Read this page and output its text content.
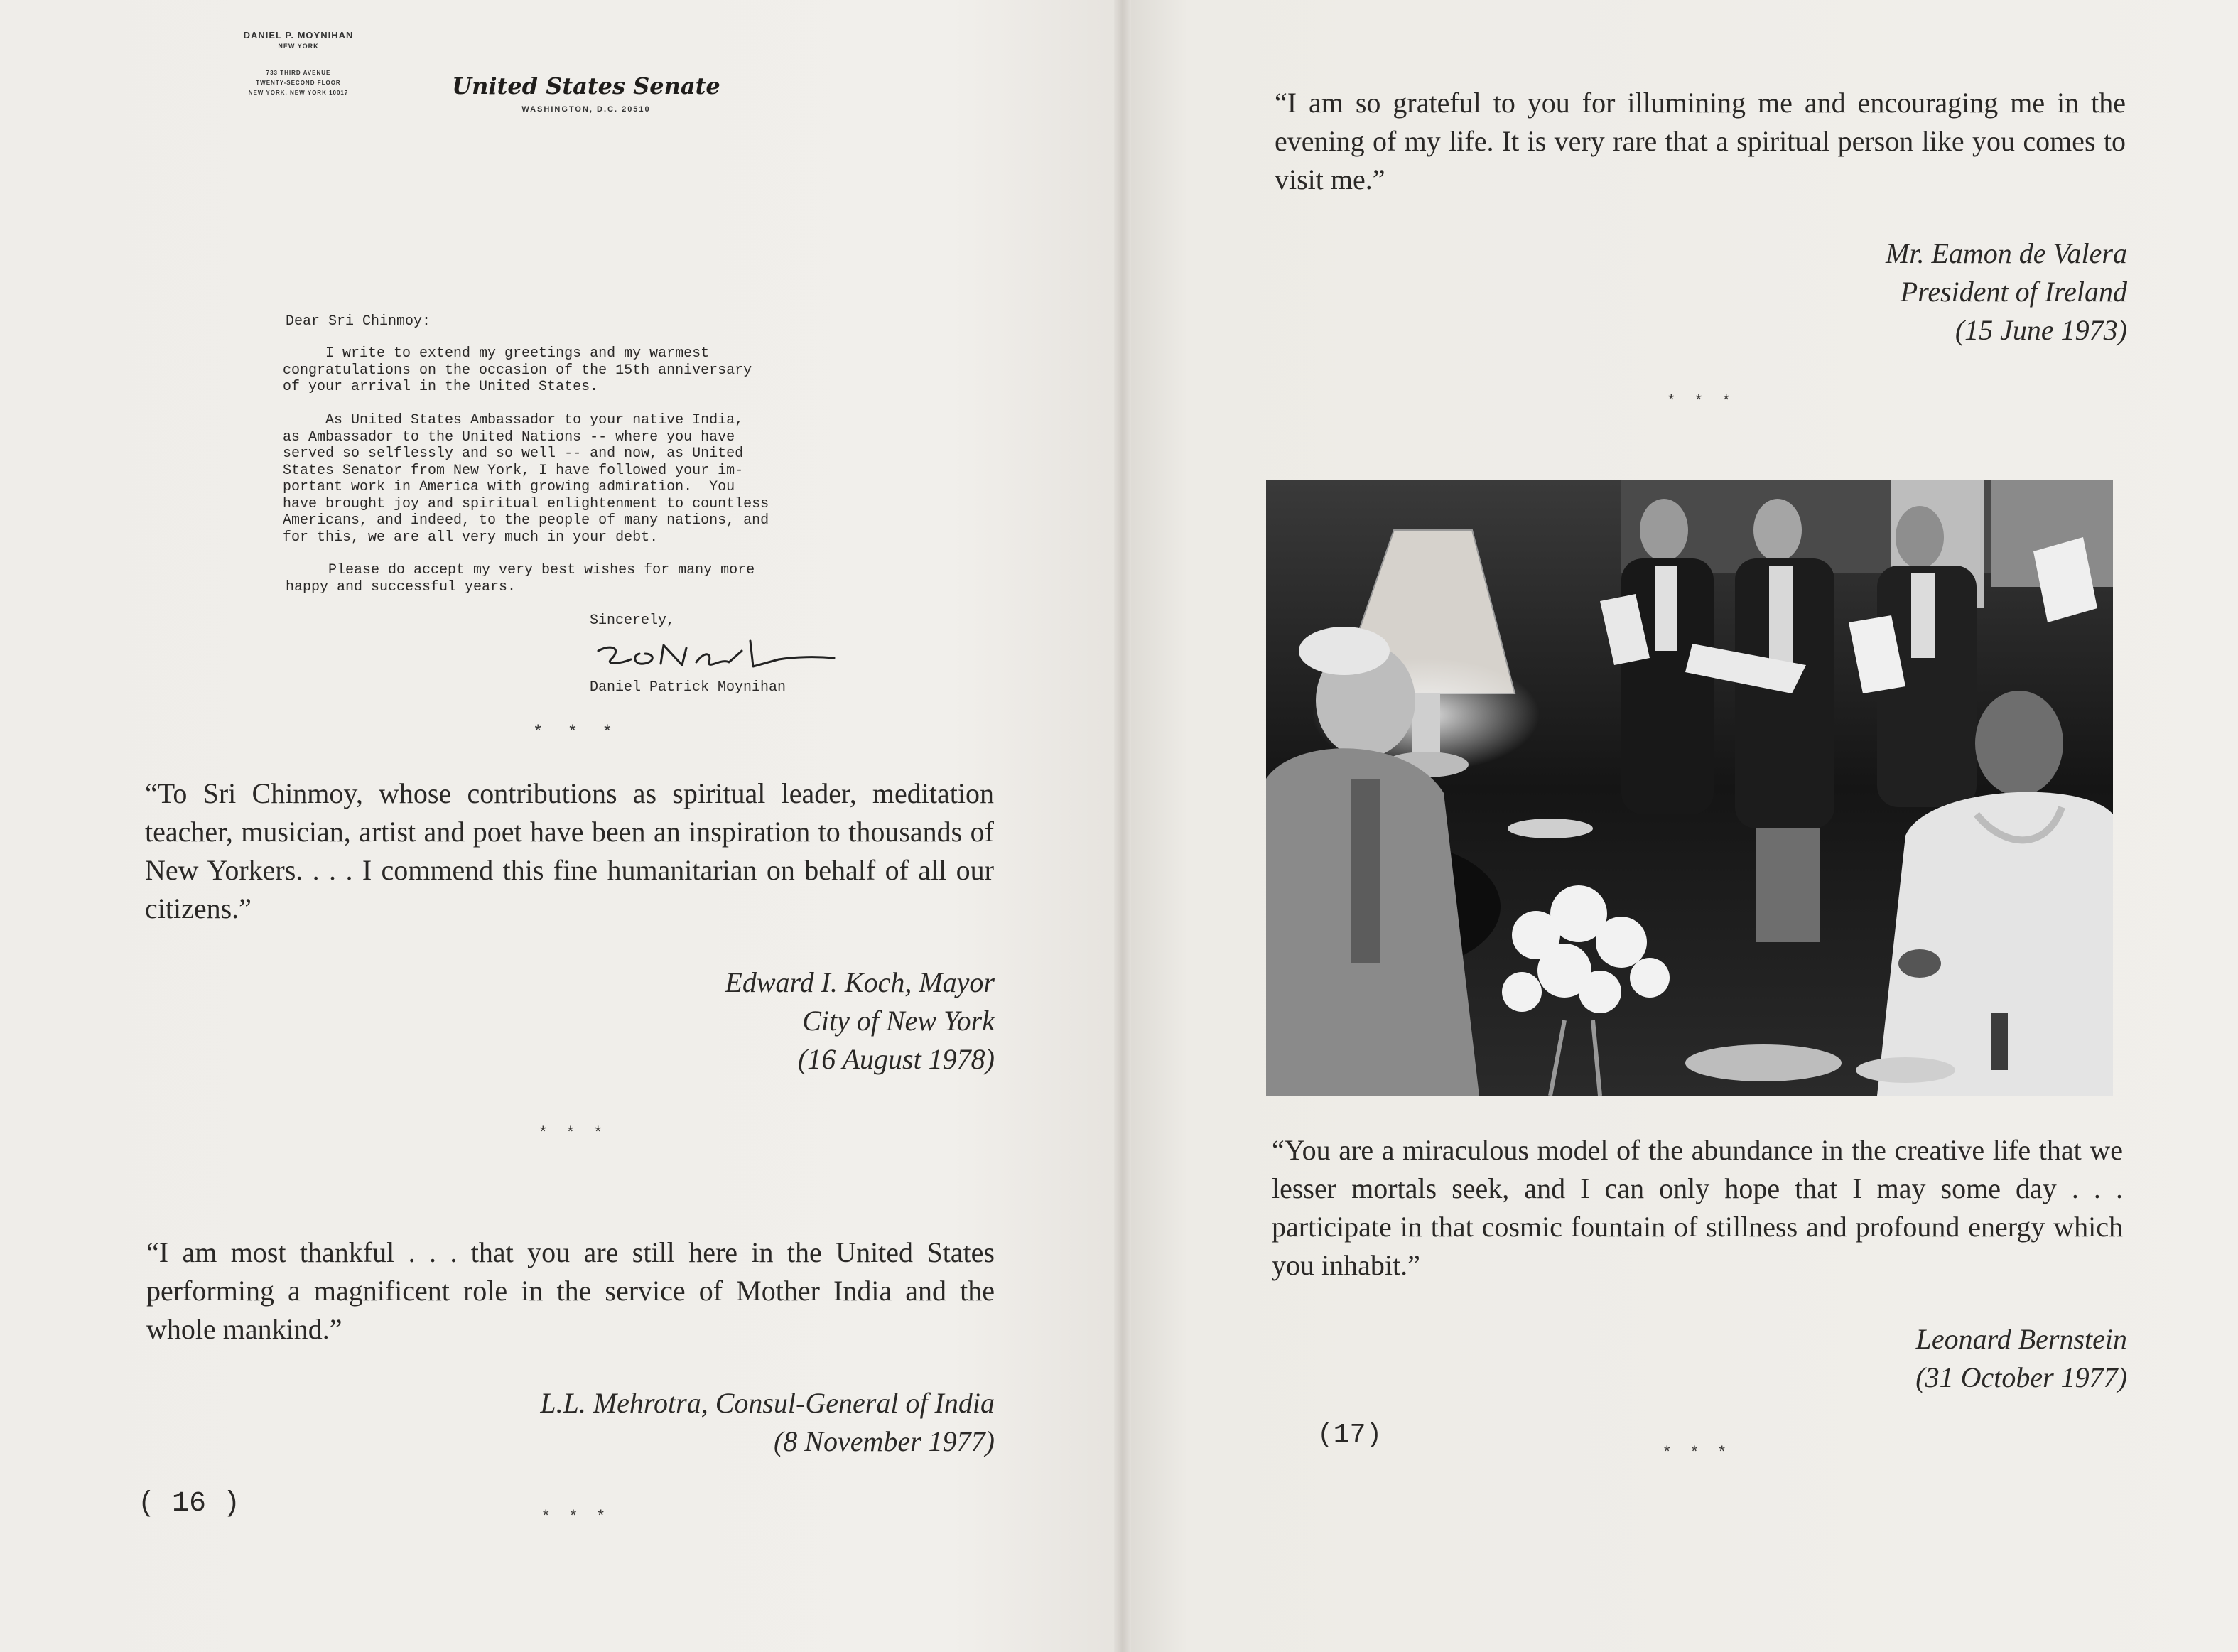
DANIEL P. MOYNIHAN
NEW YORK
733 THIRD AVENUE
TWENTY-SECOND FLOOR
NEW YORK, NEW YORK 10017	United States Senate
WASHINGTON, D.C. 20510
Dear Sri Chinmoy:
I write to extend my greetings and my warmest
congratulations on the occasion of the 15th anniversary
of your arrival in the United States.
As United States Ambassador to your native India,
as Ambassador to the United Nations -- where you have
served so selflessly and so well -- and now, as United
States Senator from New York, I have followed your im-
portant work in America with growing admiration.  You
have brought joy and spiritual enlightenment to countless
Americans, and indeed, to the people of many nations, and
for this, we are all very much in your debt.
Please do accept my very best wishes for many more
happy and successful years.
Sincerely,
Daniel Patrick Moynihan
* * *
“To Sri Chinmoy, whose contributions as spiritual leader, meditation teacher, musician, artist and poet have been an inspiration to thousands of New Yorkers. . . . I commend this fine humanitarian on behalf of all our citizens.”
Edward I. Koch, Mayor
City of New York
(16 August 1978)
* * *
“I am most thankful . . . that you are still here in the United States performing a magnificent role in the service of Mother India and the whole mankind.”
L.L. Mehrotra, Consul-General of India
(8 November 1977)
( 16 )	* * *
“I am so grateful to you for illumining me and encouraging me in the evening of my life. It is very rare that a spiritual person like you comes to visit me.”
Mr. Eamon de Valera
President of Ireland
(15 June 1973)
* * *
“You are a miraculous model of the abundance in the creative life that we lesser mortals seek, and I can only hope that I may some day . . . participate in that cosmic fountain of stillness and profound energy which you inhabit.”
Leonard Bernstein
(31 October 1977)
(17)
* * *
